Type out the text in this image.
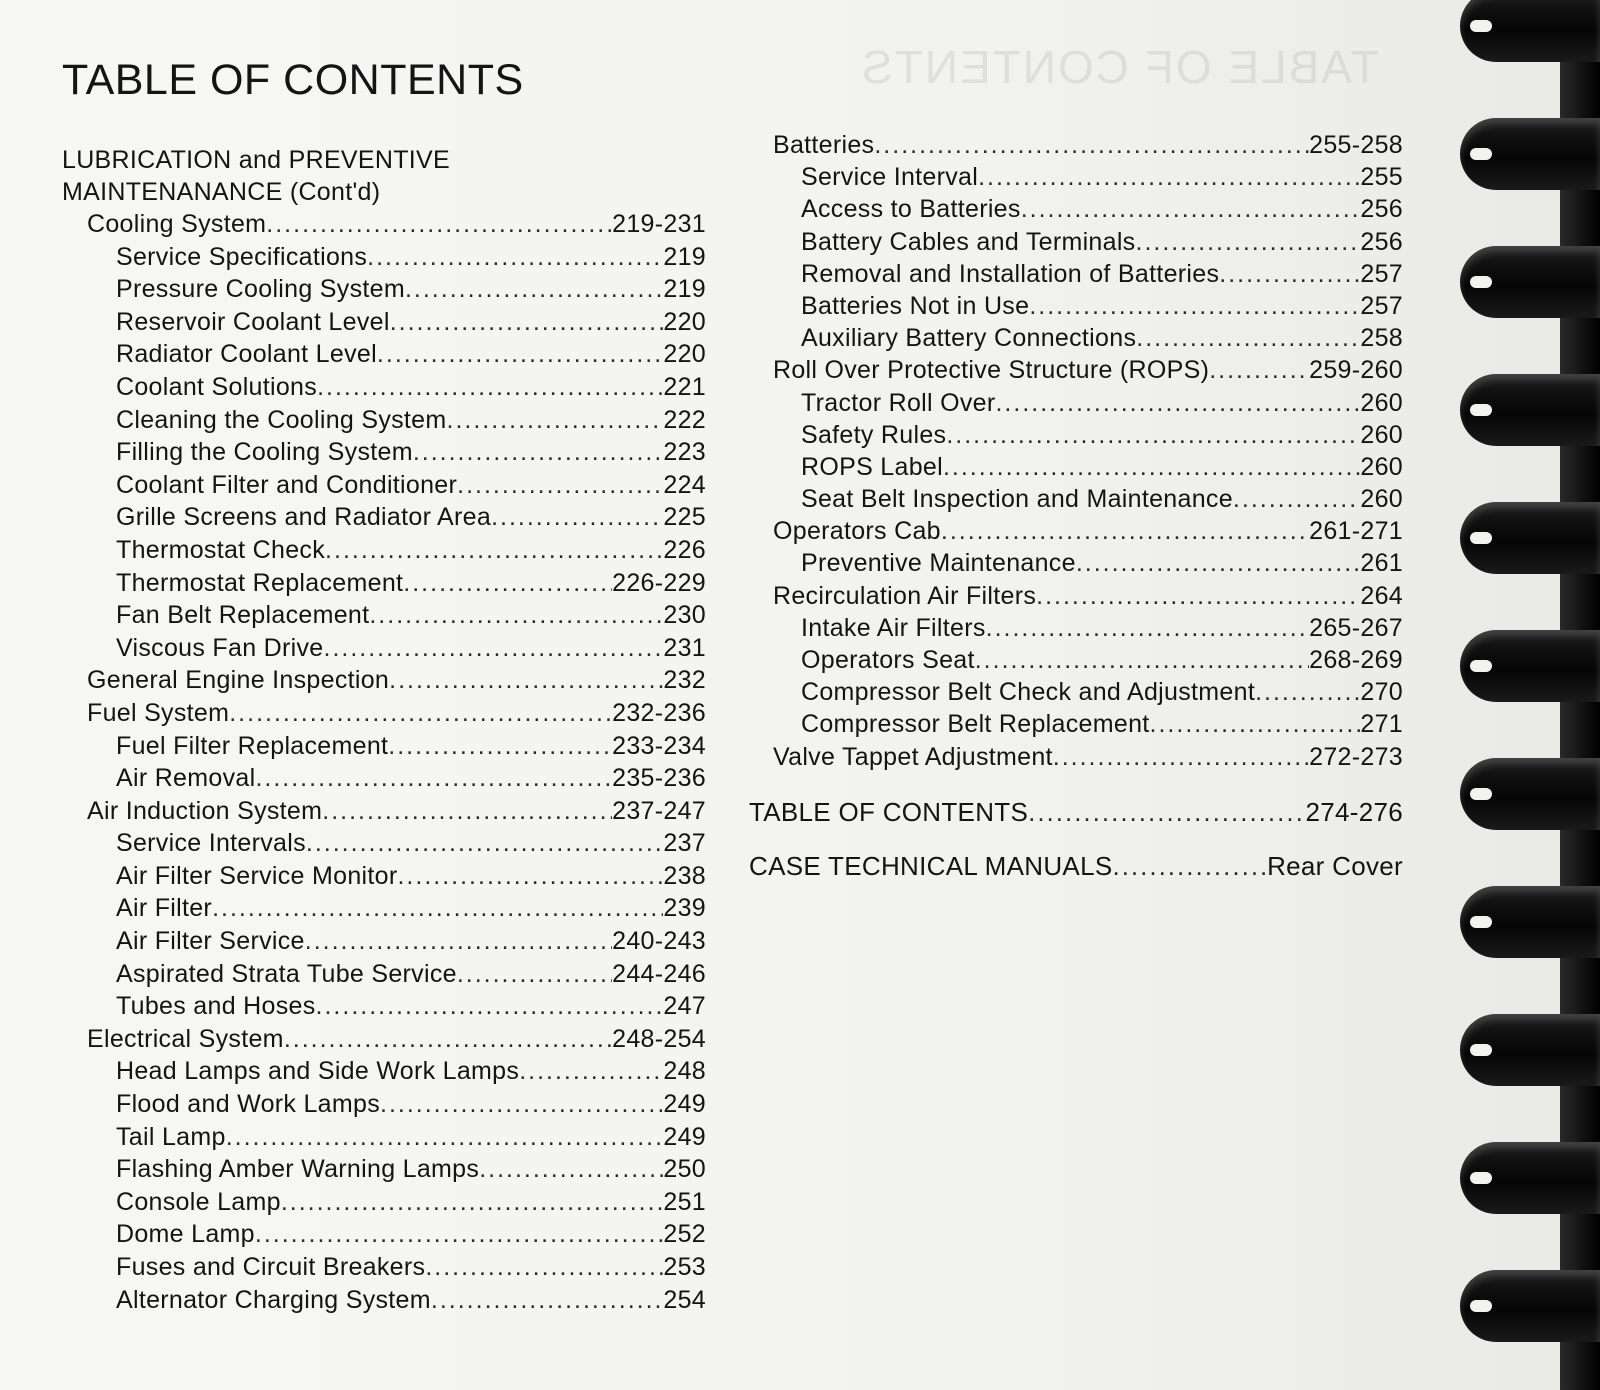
TABLE OF CONTENTS
TABLE OF CONTENTS
LUBRICATION and PREVENTIVE
MAINTENANANCE (Cont'd)
Cooling System .....	219-231
Service Specifications .....	219
Pressure Cooling System .....	219
Reservoir Coolant Level .....	220
Radiator Coolant Level .....	220
Coolant Solutions .....	221
Cleaning the Cooling System .....	222
Filling the Cooling System .....	223
Coolant Filter and Conditioner .....	224
Grille Screens and Radiator Area .....	225
Thermostat Check .....	226
Thermostat Replacement .....	226-229
Fan Belt Replacement .....	230
Viscous Fan Drive .....	231
General Engine Inspection .....	232
Fuel System .....	232-236
Fuel Filter Replacement .....	233-234
Air Removal .....	235-236
Air Induction System .....	237-247
Service Intervals .....	237
Air Filter Service Monitor .....	238
Air Filter .....	239
Air Filter Service .....	240-243
Aspirated Strata Tube Service .....	244-246
Tubes and Hoses .....	247
Electrical System .....	248-254
Head Lamps and Side Work Lamps .....	248
Flood and Work Lamps .....	249
Tail Lamp .....	249
Flashing Amber Warning Lamps .....	250
Console Lamp .....	251
Dome Lamp .....	252
Fuses and Circuit Breakers .....	253
Alternator Charging System .....	254
Batteries .....	255-258
Service Interval .....	255
Access to Batteries .....	256
Battery Cables and Terminals .....	256
Removal and Installation of Batteries .....	257
Batteries Not in Use .....	257
Auxiliary Battery Connections .....	258
Roll Over Protective Structure (ROPS) .....	259-260
Tractor Roll Over .....	260
Safety Rules .....	260
ROPS Label .....	260
Seat Belt Inspection and Maintenance .....	260
Operators Cab .....	261-271
Preventive Maintenance .....	261
Recirculation Air Filters .....	264
Intake Air Filters .....	265-267
Operators Seat .....	268-269
Compressor Belt Check and Adjustment .....	270
Compressor Belt Replacement .....	271
Valve Tappet Adjustment .....	272-273
TABLE OF CONTENTS .....	274-276
CASE TECHNICAL MANUALS .....	Rear Cover
